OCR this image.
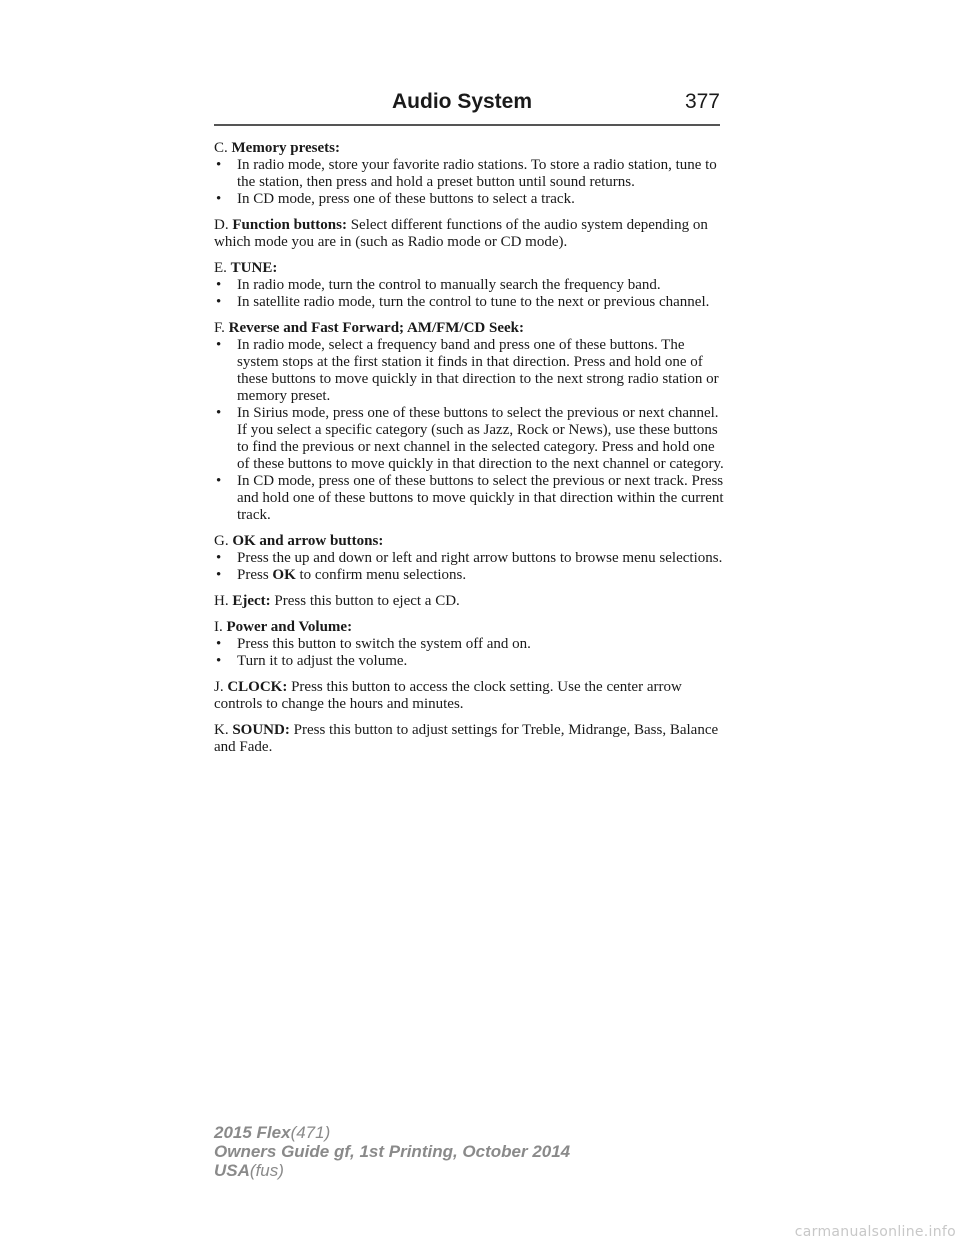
Audio System	377

C. Memory presets:

• In radio mode, store your favorite radio stations. To store a radio station, tune to the station, then press and hold a preset button until sound returns.

• In CD mode, press one of these buttons to select a track.

D. Function buttons: Select different functions of the audio system depending on which mode you are in (such as Radio mode or CD mode).

E. TUNE:

• In radio mode, turn the control to manually search the frequency band.

• In satellite radio mode, turn the control to tune to the next or previous channel.

F. Reverse and Fast Forward; AM/FM/CD Seek:

• In radio mode, select a frequency band and press one of these buttons. The system stops at the first station it finds in that direction. Press and hold one of these buttons to move quickly in that direction to the next strong radio station or memory preset.

• In Sirius mode, press one of these buttons to select the previous or next channel. If you select a specific category (such as Jazz, Rock or News), use these buttons to find the previous or next channel in the selected category. Press and hold one of these buttons to move quickly in that direction to the next channel or category.

• In CD mode, press one of these buttons to select the previous or next track. Press and hold one of these buttons to move quickly in that direction within the current track.

G. OK and arrow buttons:

• Press the up and down or left and right arrow buttons to browse menu selections.

• Press OK to confirm menu selections.

H. Eject: Press this button to eject a CD.

I. Power and Volume:

• Press this button to switch the system off and on.

• Turn it to adjust the volume.

J. CLOCK: Press this button to access the clock setting. Use the center arrow controls to change the hours and minutes.

K. SOUND: Press this button to adjust settings for Treble, Midrange, Bass, Balance and Fade.

2015 Flex(471)
Owners Guide gf, 1st Printing, October 2014
USA(fus)
carmanualsonline.info
